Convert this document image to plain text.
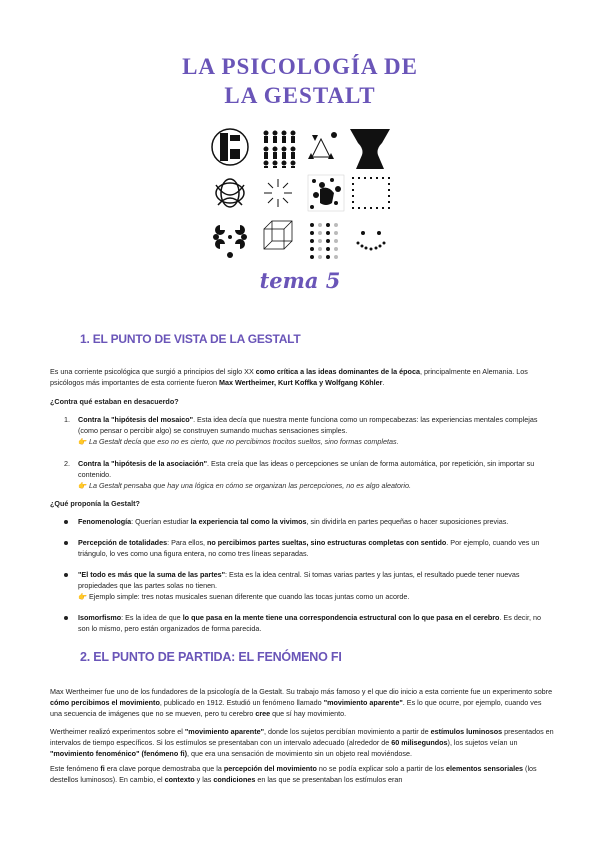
LA PSICOLOGÍA DE
LA GESTALT
tema 5
1. EL PUNTO DE VISTA DE LA GESTALT
Es una corriente psicológica que surgió a principios del siglo XX como crítica a las ideas dominantes de la época, principalmente en Alemania. Los psicólogos más importantes de esta corriente fueron Max Wertheimer, Kurt Koffka y Wolfgang Köhler.
¿Contra qué estaban en desacuerdo?
1. Contra la "hipótesis del mosaico". Esta idea decía que nuestra mente funciona como un rompecabezas: las experiencias mentales complejas (como pensar o percibir algo) se construyen sumando muchas sensaciones simples.
👉 La Gestalt decía que eso no es cierto, que no percibimos trocitos sueltos, sino formas completas.
2. Contra la "hipótesis de la asociación". Esta creía que las ideas o percepciones se unían de forma automática, por repetición, sin importar su contenido.
👉 La Gestalt pensaba que hay una lógica en cómo se organizan las percepciones, no es algo aleatorio.
¿Qué proponía la Gestalt?
Fenomenología: Querían estudiar la experiencia tal como la vivimos, sin dividirla en partes pequeñas o hacer suposiciones previas.
Percepción de totalidades: Para ellos, no percibimos partes sueltas, sino estructuras completas con sentido. Por ejemplo, cuando ves un triángulo, lo ves como una figura entera, no como tres líneas separadas.
"El todo es más que la suma de las partes": Esta es la idea central. Si tomas varias partes y las juntas, el resultado puede tener nuevas propiedades que las partes solas no tienen.
👉 Ejemplo simple: tres notas musicales suenan diferente que cuando las tocas juntas como un acorde.
Isomorfismo: Es la idea de que lo que pasa en la mente tiene una correspondencia estructural con lo que pasa en el cerebro. Es decir, no son lo mismo, pero están organizados de forma parecida.
2. EL PUNTO DE PARTIDA: EL FENÓMENO FI
Max Wertheimer fue uno de los fundadores de la psicología de la Gestalt. Su trabajo más famoso y el que dio inicio a esta corriente fue un experimento sobre cómo percibimos el movimiento, publicado en 1912. Estudió un fenómeno llamado "movimiento aparente". Es lo que ocurre, por ejemplo, cuando ves una secuencia de imágenes que no se mueven, pero tu cerebro cree que sí hay movimiento.
Wertheimer realizó experimentos sobre el "movimiento aparente", donde los sujetos percibían movimiento a partir de estímulos luminosos presentados en intervalos de tiempo específicos. Si los estímulos se presentaban con un intervalo adecuado (alrededor de 60 milisegundos), los sujetos veían un "movimiento fenoménico" (fenómeno fi), que era una sensación de movimiento sin un objeto real moviéndose.
Este fenómeno fi era clave porque demostraba que la percepción del movimiento no se podía explicar solo a partir de los elementos sensoriales (los destellos luminosos). En cambio, el contexto y las condiciones en las que se presentaban los estímulos eran
